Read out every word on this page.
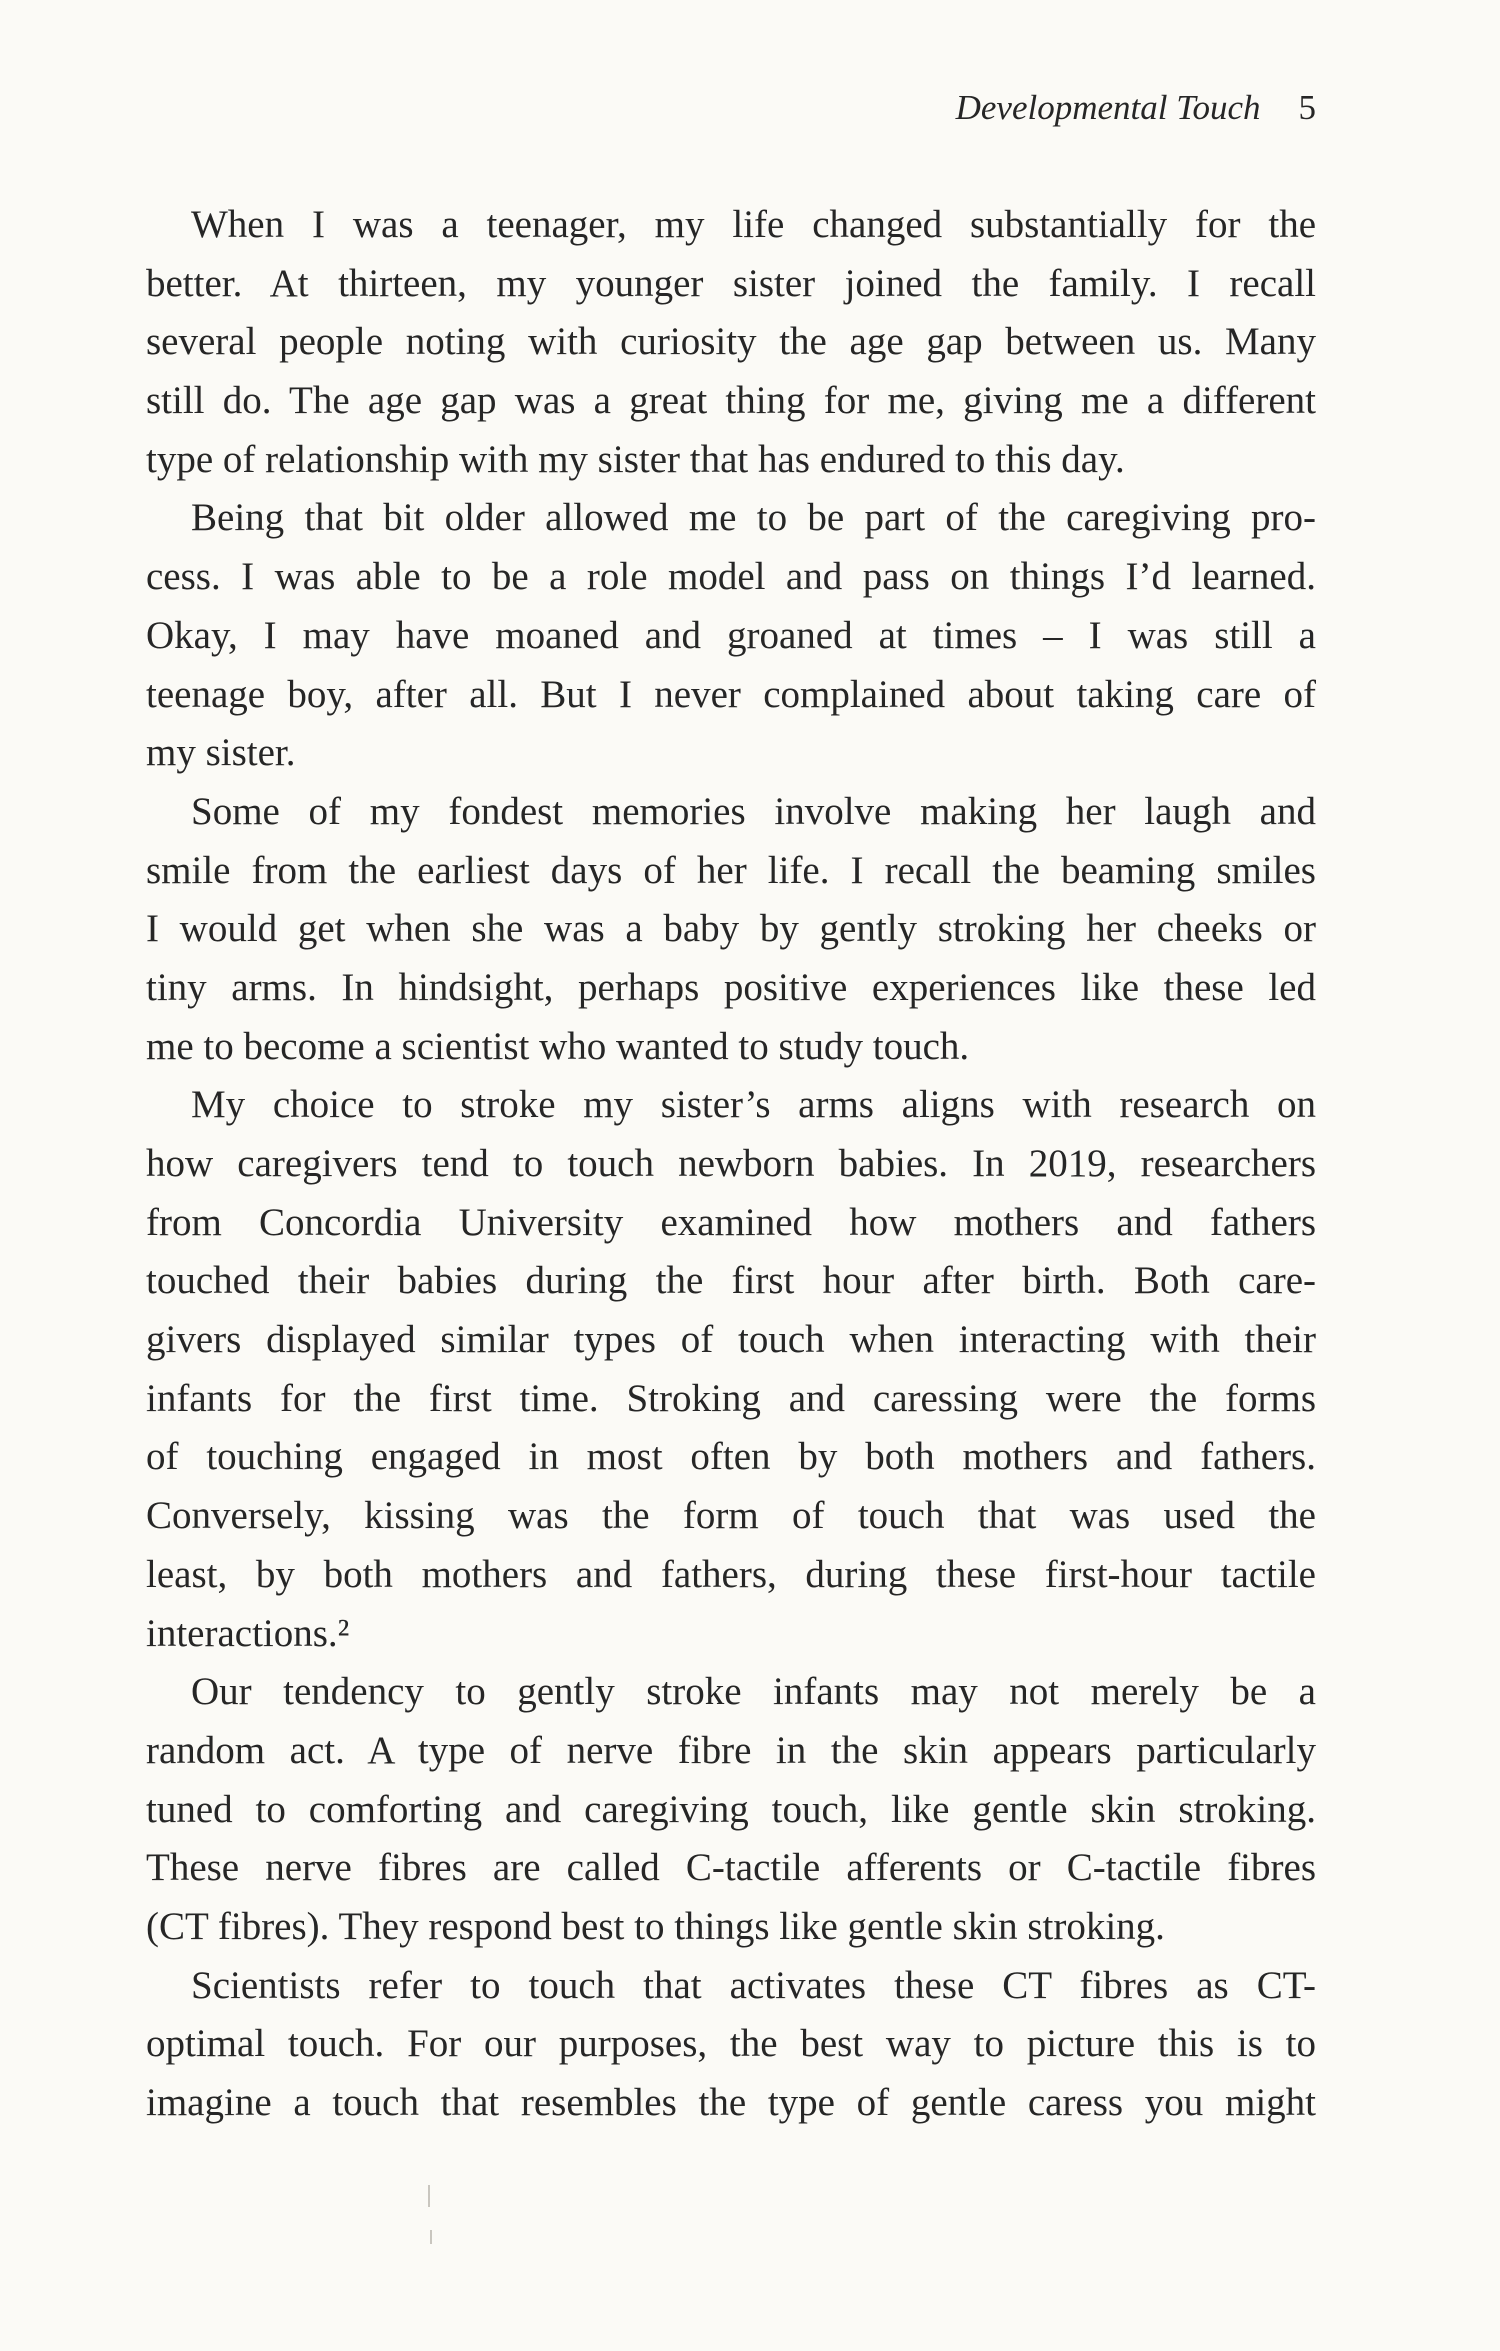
Developmental Touch 5
When I was a teenager, my life changed substantially for the
better. At thirteen, my younger sister joined the family. I recall
several people noting with curiosity the age gap between us. Many
still do. The age gap was a great thing for me, giving me a different
type of relationship with my sister that has endured to this day.
Being that bit older allowed me to be part of the caregiving pro-
cess. I was able to be a role model and pass on things I’d learned.
Okay, I may have moaned and groaned at times – I was still a
teenage boy, after all. But I never complained about taking care of
my sister.
Some of my fondest memories involve making her laugh and
smile from the earliest days of her life. I recall the beaming smiles
I would get when she was a baby by gently stroking her cheeks or
tiny arms. In hindsight, perhaps positive experiences like these led
me to become a scientist who wanted to study touch.
My choice to stroke my sister’s arms aligns with research on
how caregivers tend to touch newborn babies. In 2019, researchers
from Concordia University examined how mothers and fathers
touched their babies during the first hour after birth. Both care-
givers displayed similar types of touch when interacting with their
infants for the first time. Stroking and caressing were the forms
of touching engaged in most often by both mothers and fathers.
Conversely, kissing was the form of touch that was used the
least, by both mothers and fathers, during these first-hour tactile
interactions.²
Our tendency to gently stroke infants may not merely be a
random act. A type of nerve fibre in the skin appears particularly
tuned to comforting and caregiving touch, like gentle skin stroking.
These nerve fibres are called C-tactile afferents or C-tactile fibres
(CT fibres). They respond best to things like gentle skin stroking.
Scientists refer to touch that activates these CT fibres as CT-
optimal touch. For our purposes, the best way to picture this is to
imagine a touch that resembles the type of gentle caress you might
